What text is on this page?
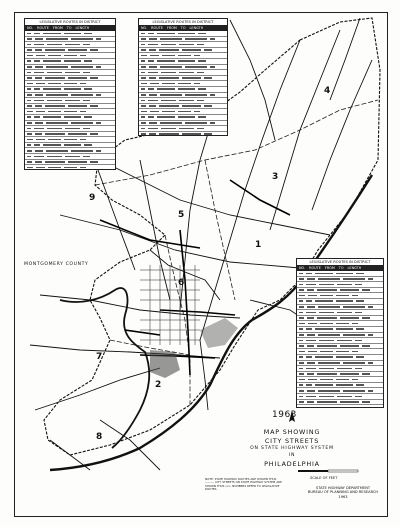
LEGISLATIVE ROUTES IN DISTRICT
NO. ROUTE FROM TO LENGTH
LEGISLATIVE ROUTES IN DISTRICT
NO. ROUTE FROM TO LENGTH
LEGISLATIVE ROUTES IN DISTRICT
NO. ROUTE FROM TO LENGTH
4
9
5
3
6
7
2
8
1
MONTGOMERY COUNTY
1963
MAP SHOWING
CITY STREETS
ON STATE HIGHWAY SYSTEM
IN
PHILADELPHIA
SCALE OF FEET
NOTE: STATE HIGHWAY ROUTES ARE SHOWN THUS ———. CITY STREETS ON STATE HIGHWAY SYSTEM ARE SHOWN THUS ═══. NUMBERS REFER TO LEGISLATIVE ROUTES.	STATE HIGHWAY DEPARTMENT
BUREAU OF PLANNING AND RESEARCH
1963
